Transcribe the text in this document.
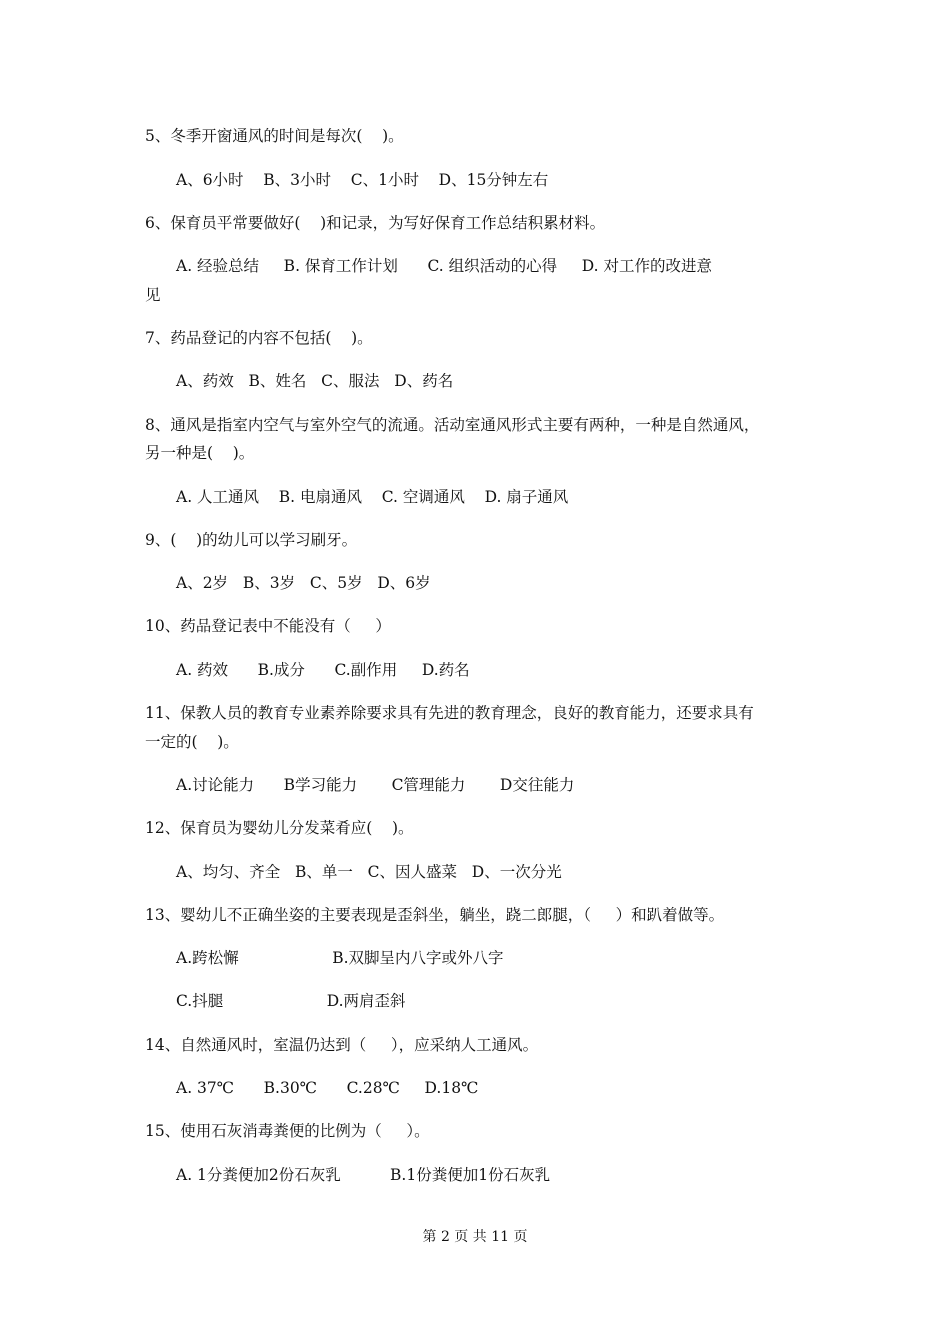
5、冬季开窗通风的时间是每次(    )。
A、6小时    B、3小时    C、1小时    D、15分钟左右
6、保育员平常要做好(    )和记录，为写好保育工作总结积累材料。
A. 经验总结     B. 保育工作计划      C. 组织活动的心得     D. 对工作的改进意
见
7、药品登记的内容不包括(    )。
A、药效   B、姓名   C、服法   D、药名
8、通风是指室内空气与室外空气的流通。活动室通风形式主要有两种，一种是自然通风，
另一种是(    )。
A. 人工通风    B. 电扇通风    C. 空调通风    D. 扇子通风
9、(    )的幼儿可以学习刷牙。
A、2岁   B、3岁   C、5岁   D、6岁
10、药品登记表中不能没有（     ）
A. 药效      B.成分      C.副作用     D.药名
11、保教人员的教育专业素养除要求具有先进的教育理念，良好的教育能力，还要求具有
一定的(    )。
A.讨论能力      B学习能力       C管理能力       D交往能力
12、保育员为婴幼儿分发菜肴应(    )。
A、均匀、齐全   B、单一   C、因人盛菜   D、一次分光
13、婴幼儿不正确坐姿的主要表现是歪斜坐，躺坐，跷二郎腿，（     ）和趴着做等。
A.跨松懈                   B.双脚呈内八字或外八字
C.抖腿                     D.两肩歪斜
14、自然通风时，室温仍达到（     ），应采纳人工通风。
A. 37℃      B.30℃      C.28℃     D.18℃
15、使用石灰消毒粪便的比例为（     ）。
A. 1分粪便加2份石灰乳          B.1份粪便加1份石灰乳
第 2 页 共 11 页
